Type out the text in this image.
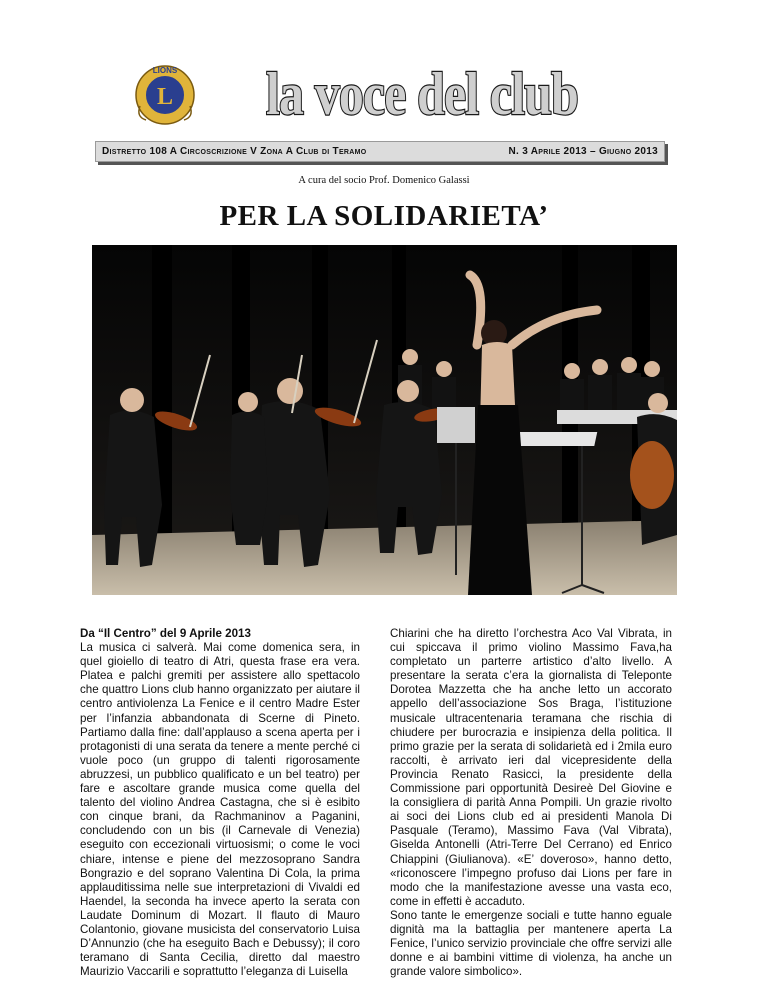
L
LIONS la voce del club
Distretto 108 A Circoscrizione V Zona A Club di Teramo	N. 3 Aprile 2013 – Giugno 2013
A cura del socio Prof. Domenico Galassi
PER LA SOLIDARIETA’

Da “Il Centro” del 9 Aprile 2013

La musica ci salverà. Mai come domenica sera, in quel gioiello di teatro di Atri, questa frase era vera. Platea e palchi gremiti per assistere allo spettacolo che quattro Lions club hanno organizzato per aiutare il centro antiviolenza La Fenice e il centro Madre Ester per l’infanzia abbandonata di Scerne di Pineto. Partiamo dalla fine: dall’applauso a scena aperta per i protagonisti di una serata da tenere a mente perché ci vuole poco (un gruppo di talenti rigorosamente abruzzesi, un pubblico qualificato e un bel teatro) per fare e ascoltare grande musica come quella del talento del violino Andrea Castagna, che si è esibito con cinque brani, da Rachmaninov a Paganini, concludendo con un bis (il Carnevale di Venezia) eseguito con eccezionali virtuosismi; o come le voci chiare, intense e piene del mezzosoprano Sandra Bongrazio e del soprano Valentina Di Cola, la prima applauditissima nelle sue interpretazioni di Vivaldi ed Haendel, la seconda ha invece aperto la serata con Laudate Dominum di Mozart. Il flauto di Mauro Colantonio, giovane musicista del conservatorio Luisa D’Annunzio (che ha eseguito Bach e Debussy); il coro teramano di Santa Cecilia, diretto dal maestro Maurizio Vaccarili e soprattutto l’eleganza di Luisella

Chiarini che ha diretto l’orchestra Aco Val Vibrata, in cui spiccava il primo violino Massimo Fava,ha completato un parterre artistico d’alto livello. A presentare la serata c’era la giornalista di Teleponte Dorotea Mazzetta che ha anche letto un accorato appello dell’associazione Sos Braga, l’istituzione musicale ultracentenaria teramana che rischia di chiudere per burocrazia e insipienza della politica. Il primo grazie per la serata di solidarietà ed i 2mila euro raccolti, è arrivato ieri dal vicepresidente della Provincia Renato Rasicci, la presidente della Commissione pari opportunità Desireè Del Giovine e la consigliera di parità Anna Pompili. Un grazie rivolto ai soci dei Lions club ed ai presidenti Manola Di Pasquale (Teramo), Massimo Fava (Val Vibrata), Giselda Antonelli (Atri-Terre Del Cerrano) ed Enrico Chiappini (Giulianova). «E’ doveroso», hanno detto, «riconoscere l’impegno profuso dai Lions per fare in modo che la manifestazione avesse una vasta eco, come in effetti è accaduto.

Sono tante le emergenze sociali e tutte hanno eguale dignità ma la battaglia per mantenere aperta La Fenice, l’unico servizio provinciale che offre servizi alle donne e ai bambini vittime di violenza, ha anche un grande valore simbolico».
